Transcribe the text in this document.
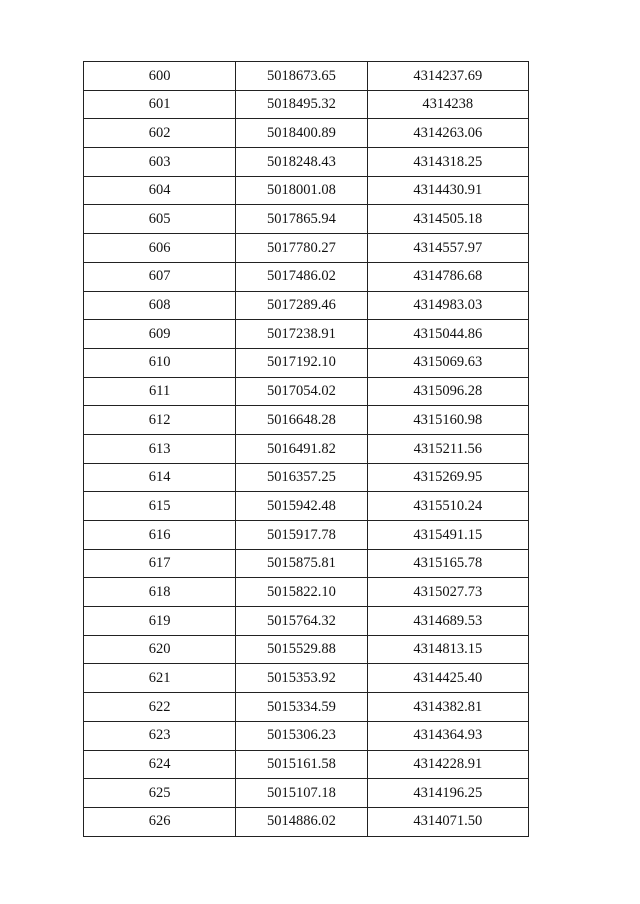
600	5018673.65	4314237.69
601	5018495.32	4314238
602	5018400.89	4314263.06
603	5018248.43	4314318.25
604	5018001.08	4314430.91
605	5017865.94	4314505.18
606	5017780.27	4314557.97
607	5017486.02	4314786.68
608	5017289.46	4314983.03
609	5017238.91	4315044.86
610	5017192.10	4315069.63
611	5017054.02	4315096.28
612	5016648.28	4315160.98
613	5016491.82	4315211.56
614	5016357.25	4315269.95
615	5015942.48	4315510.24
616	5015917.78	4315491.15
617	5015875.81	4315165.78
618	5015822.10	4315027.73
619	5015764.32	4314689.53
620	5015529.88	4314813.15
621	5015353.92	4314425.40
622	5015334.59	4314382.81
623	5015306.23	4314364.93
624	5015161.58	4314228.91
625	5015107.18	4314196.25
626	5014886.02	4314071.50
